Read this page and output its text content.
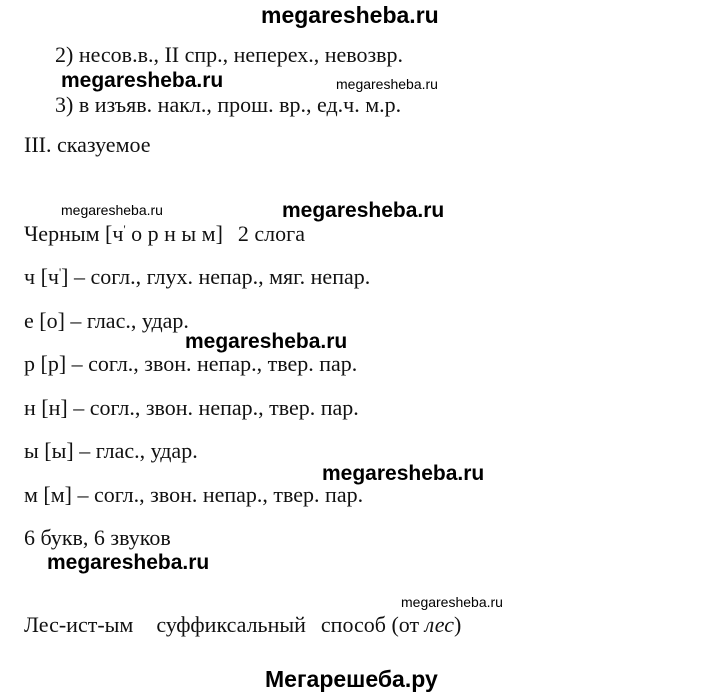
megaresheba.ru
megaresheba.ru	megaresheba.ru
megaresheba.ru	megaresheba.ru
megaresheba.ru
megaresheba.ru
megaresheba.ru
megaresheba.ru
Мегарешеба.ру
2) несов.в., II спр., неперех., невозвр.
3) в изъяв. накл., прош. вр., ед.ч. м.р.
III. сказуемое
Черным [ч' о р н ы м] 2 слога
ч [ч'] – согл., глух. непар., мяг. непар.
е [о] – глас., удар.
р [р] – согл., звон. непар., твер. пар.
н [н] – согл., звон. непар., твер. пар.
ы [ы] – глас., удар.
м [м] – согл., звон. непар., твер. пар.
6 букв, 6 звуков
Лес-ист-ым суффиксальный способ (от лес)
